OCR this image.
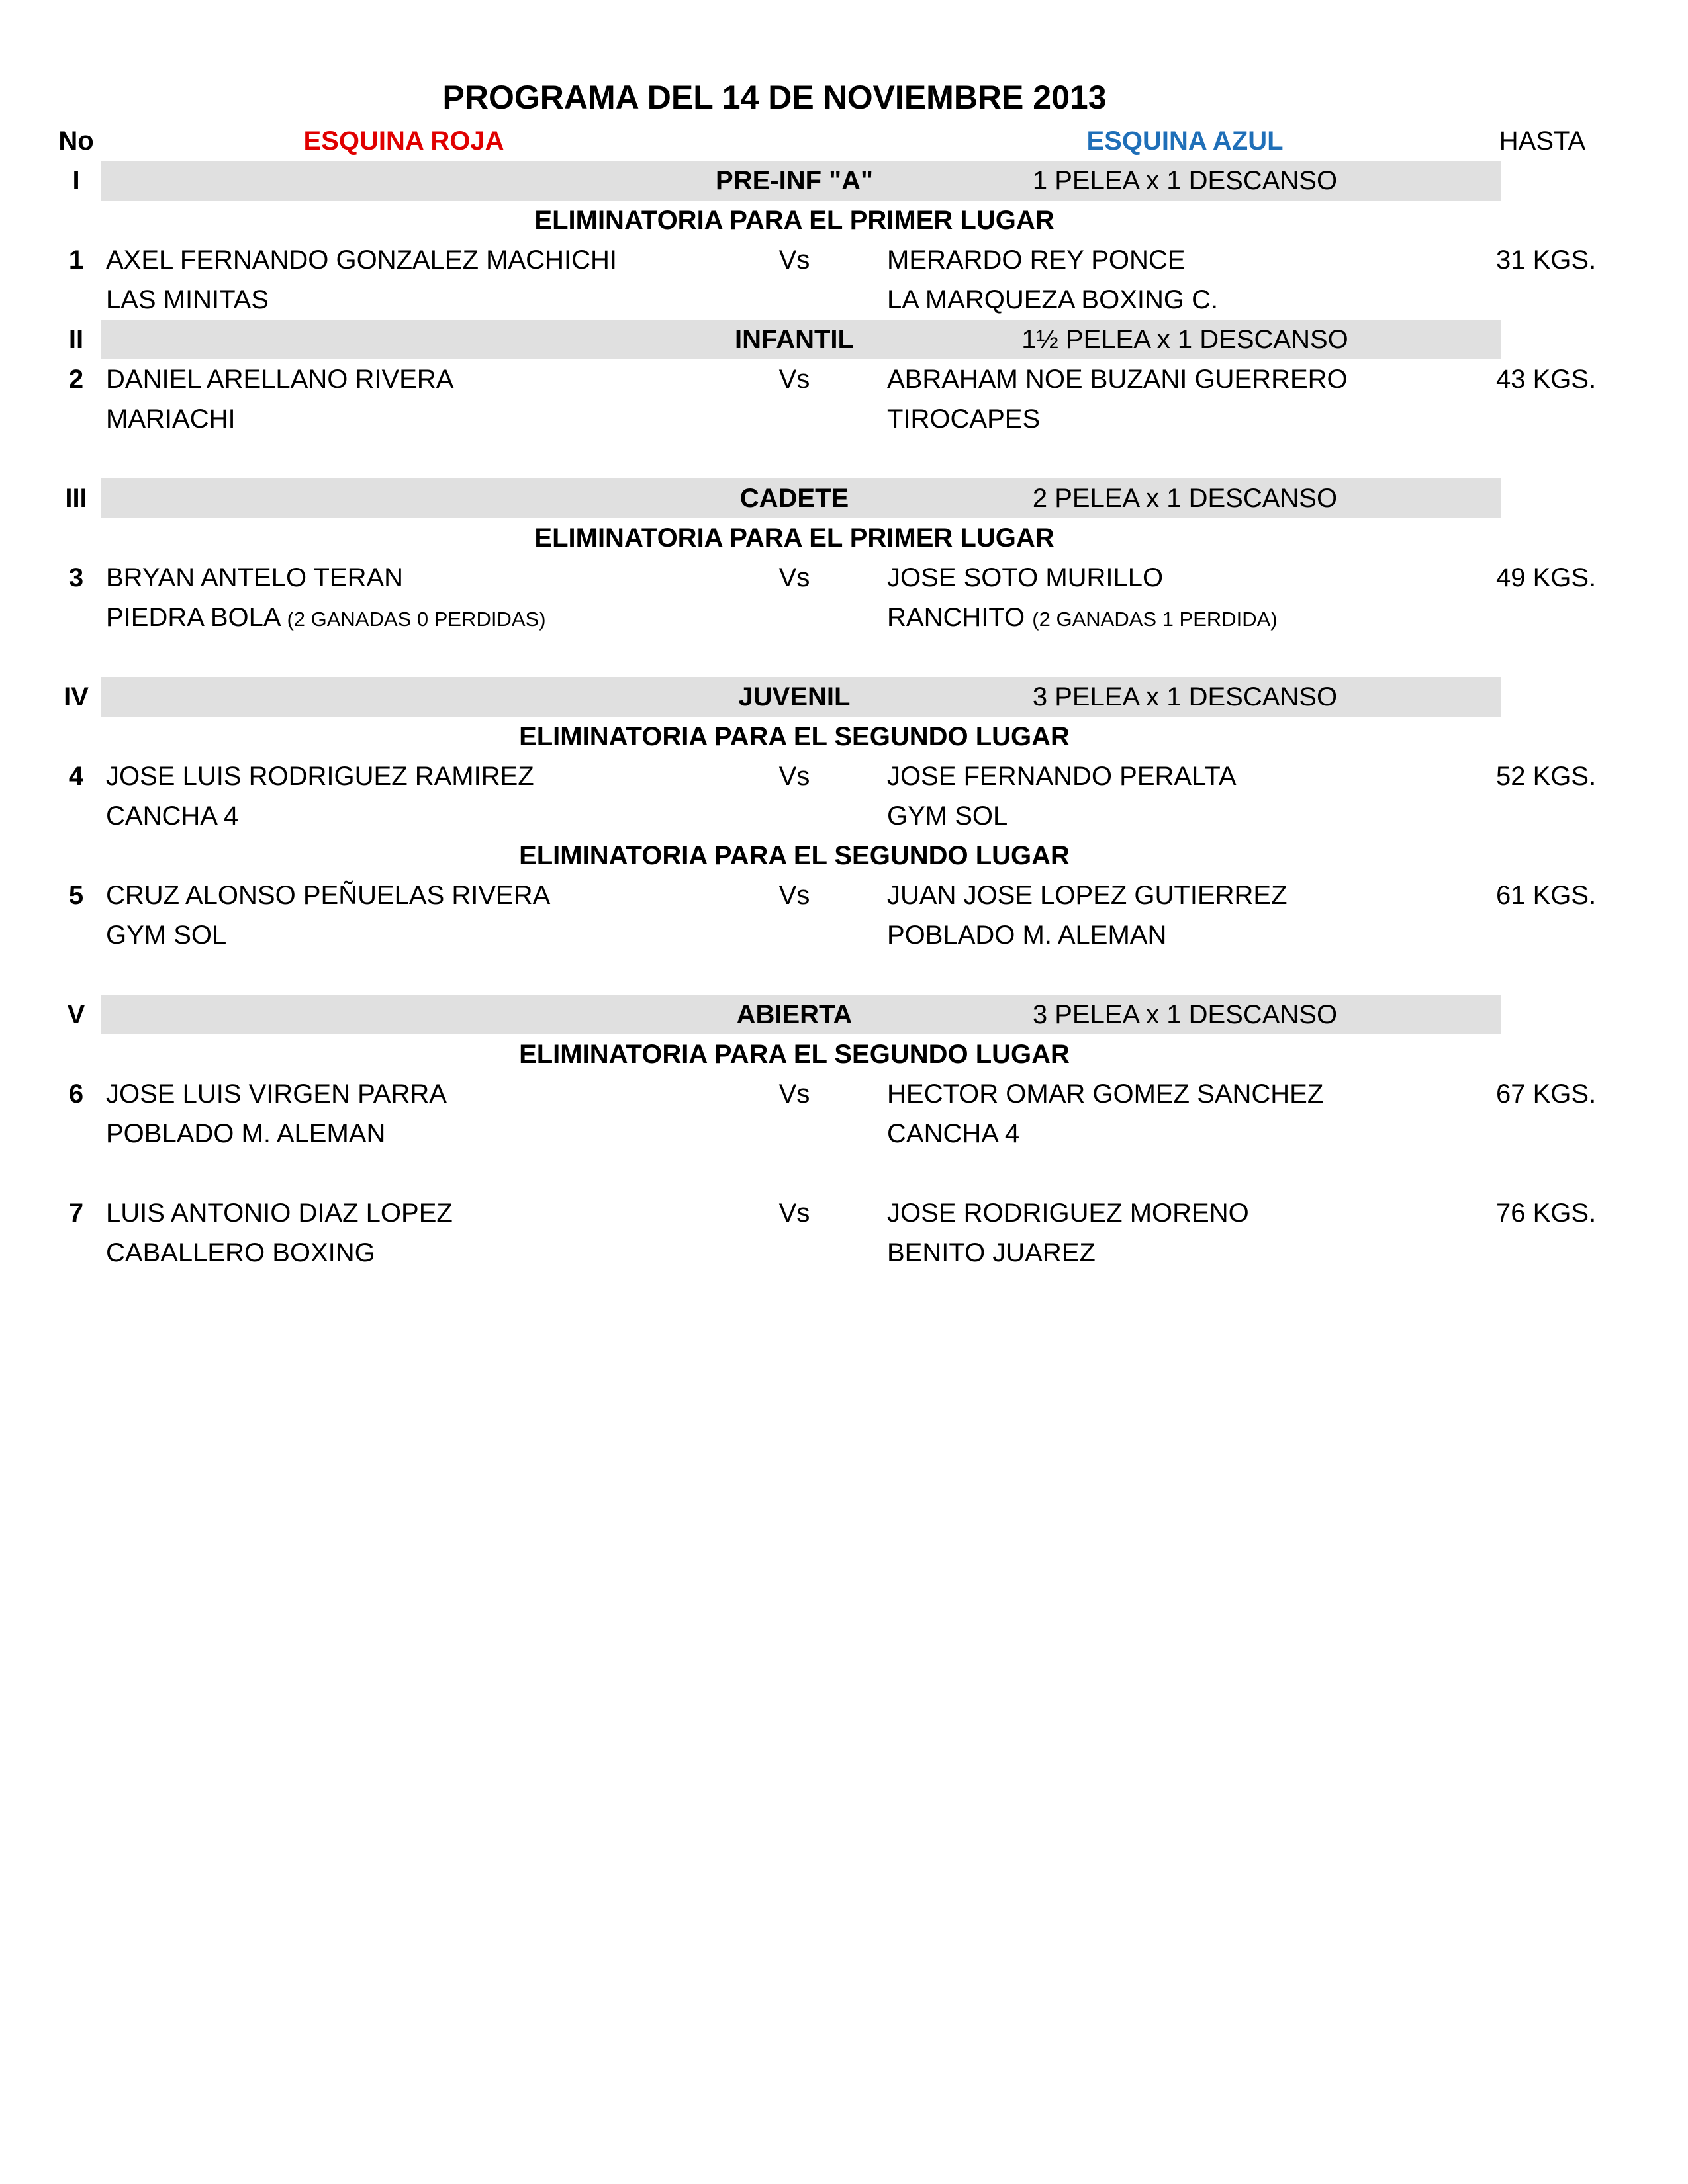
PROGRAMA DEL 14 DE NOVIEMBRE 2013
No	ESQUINA ROJA	ESQUINA AZUL	HASTA
I	PRE-INF "A"	1 PELEA x 1 DESCANSO
ELIMINATORIA PARA EL PRIMER LUGAR
1 AXEL FERNANDO GONZALEZ MACHICHI	Vs	MERARDO REY PONCE	31 KGS.
LAS MINITAS	LA MARQUEZA BOXING C.
II	INFANTIL	1½ PELEA x 1 DESCANSO
2 DANIEL ARELLANO RIVERA	Vs	ABRAHAM NOE BUZANI GUERRERO	43 KGS.
MARIACHI	TIROCAPES
III	CADETE	2 PELEA x 1 DESCANSO
ELIMINATORIA PARA EL PRIMER LUGAR
3 BRYAN ANTELO TERAN	Vs	JOSE SOTO MURILLO	49 KGS.
PIEDRA BOLA (2 GANADAS 0 PERDIDAS)	RANCHITO (2 GANADAS 1 PERDIDA)
IV	JUVENIL	3 PELEA x 1 DESCANSO
ELIMINATORIA PARA EL SEGUNDO LUGAR
4 JOSE LUIS RODRIGUEZ RAMIREZ	Vs	JOSE FERNANDO PERALTA	52 KGS.
CANCHA 4	GYM SOL
ELIMINATORIA PARA EL SEGUNDO LUGAR
5 CRUZ ALONSO PEÑUELAS RIVERA	Vs	JUAN JOSE LOPEZ GUTIERREZ	61 KGS.
GYM SOL	POBLADO M. ALEMAN
V	ABIERTA	3 PELEA x 1 DESCANSO
ELIMINATORIA PARA EL SEGUNDO LUGAR
6 JOSE LUIS VIRGEN PARRA	Vs	HECTOR OMAR GOMEZ SANCHEZ	67 KGS.
POBLADO M. ALEMAN	CANCHA 4
7 LUIS ANTONIO DIAZ LOPEZ	Vs	JOSE RODRIGUEZ MORENO	76 KGS.
CABALLERO BOXING	BENITO JUAREZ
